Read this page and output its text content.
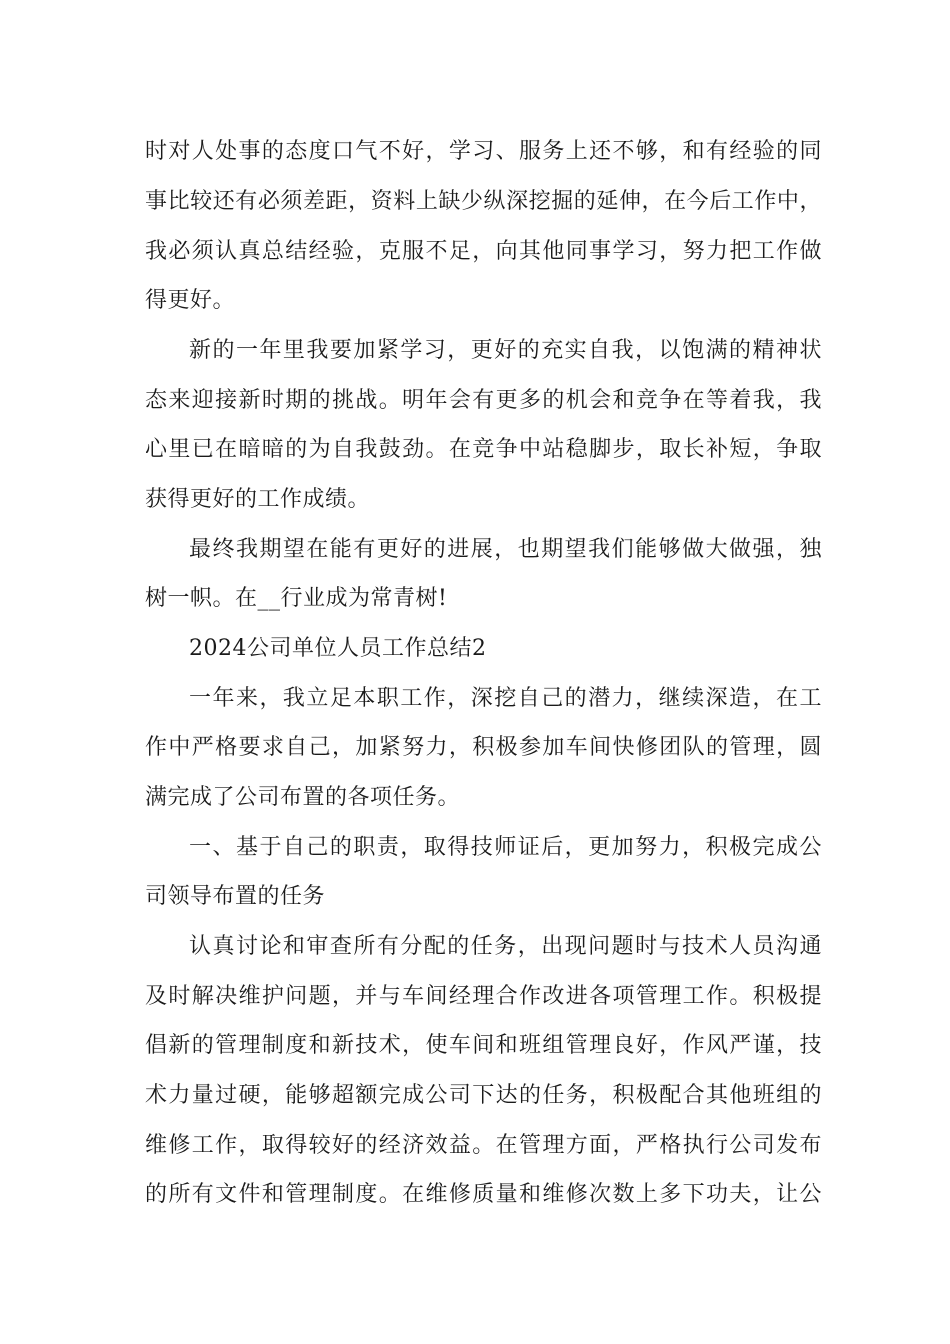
时对人处事的态度口气不好，学习、服务上还不够，和有经验的同
事比较还有必须差距，资料上缺少纵深挖掘的延伸，在今后工作中，
我必须认真总结经验，克服不足，向其他同事学习，努力把工作做
得更好。
新的一年里我要加紧学习，更好的充实自我，以饱满的精神状
态来迎接新时期的挑战。明年会有更多的机会和竞争在等着我，我
心里已在暗暗的为自我鼓劲。在竞争中站稳脚步，取长补短，争取
获得更好的工作成绩。
最终我期望在能有更好的进展，也期望我们能够做大做强，独
树一帜。在__行业成为常青树!
2024公司单位人员工作总结2
一年来，我立足本职工作，深挖自己的潜力，继续深造，在工
作中严格要求自己，加紧努力，积极参加车间快修团队的管理，圆
满完成了公司布置的各项任务。
一、基于自己的职责，取得技师证后，更加努力，积极完成公
司领导布置的任务
认真讨论和审查所有分配的任务，出现问题时与技术人员沟通
及时解决维护问题，并与车间经理合作改进各项管理工作。积极提
倡新的管理制度和新技术，使车间和班组管理良好，作风严谨，技
术力量过硬，能够超额完成公司下达的任务，积极配合其他班组的
维修工作，取得较好的经济效益。在管理方面，严格执行公司发布
的所有文件和管理制度。在维修质量和维修次数上多下功夫，让公
